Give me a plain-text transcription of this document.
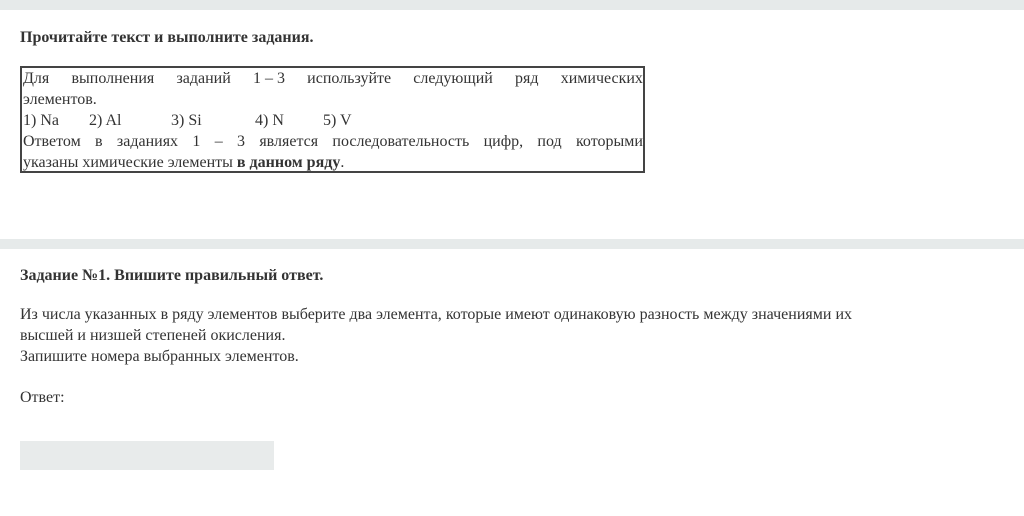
Прочитайте текст и выполните задания.
Для выполнения заданий 1 – 3 используйте следующий ряд химических
элементов.
1) Na 2) Al	3) Si	4) N 5) V
Ответом в заданиях 1 – 3 является последовательность цифр, под которыми
указаны химические элементы в данном ряду.
Задание №1. Впишите правильный ответ.
Из числа указанных в ряду элементов выберите два элемента, которые имеют одинаковую разность между значениями их
высшей и низшей степеней окисления.
Запишите номера выбранных элементов.
Ответ:
